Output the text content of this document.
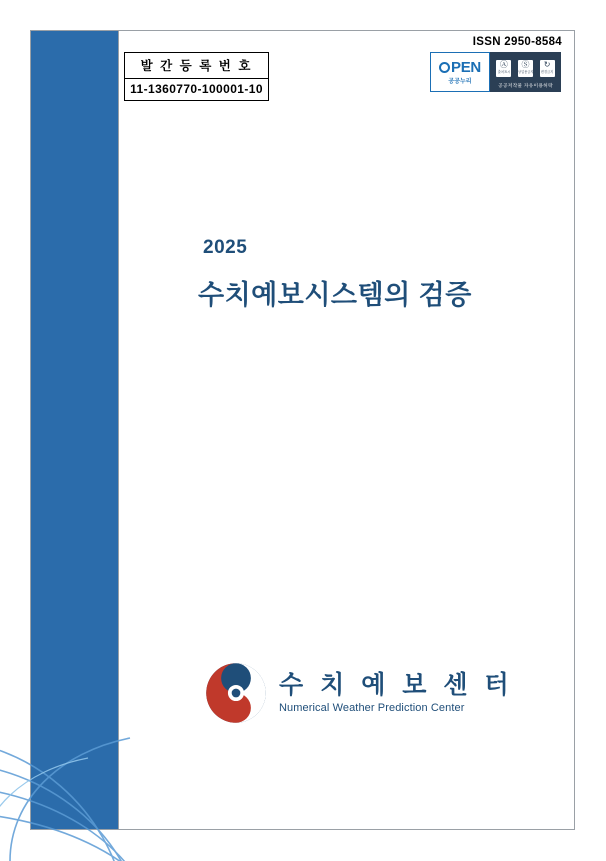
발 간 등 록 번 호
11-1360770-100001-10
ISSN 2950-8584
PEN
공공누리
Ⓐ
출처표시
Ⓢ
상업용금지
↻
변경금지
공공저작물 자유이용허락
2025
수치예보시스템의 검증
수 치 예 보 센 터
Numerical Weather Prediction Center
